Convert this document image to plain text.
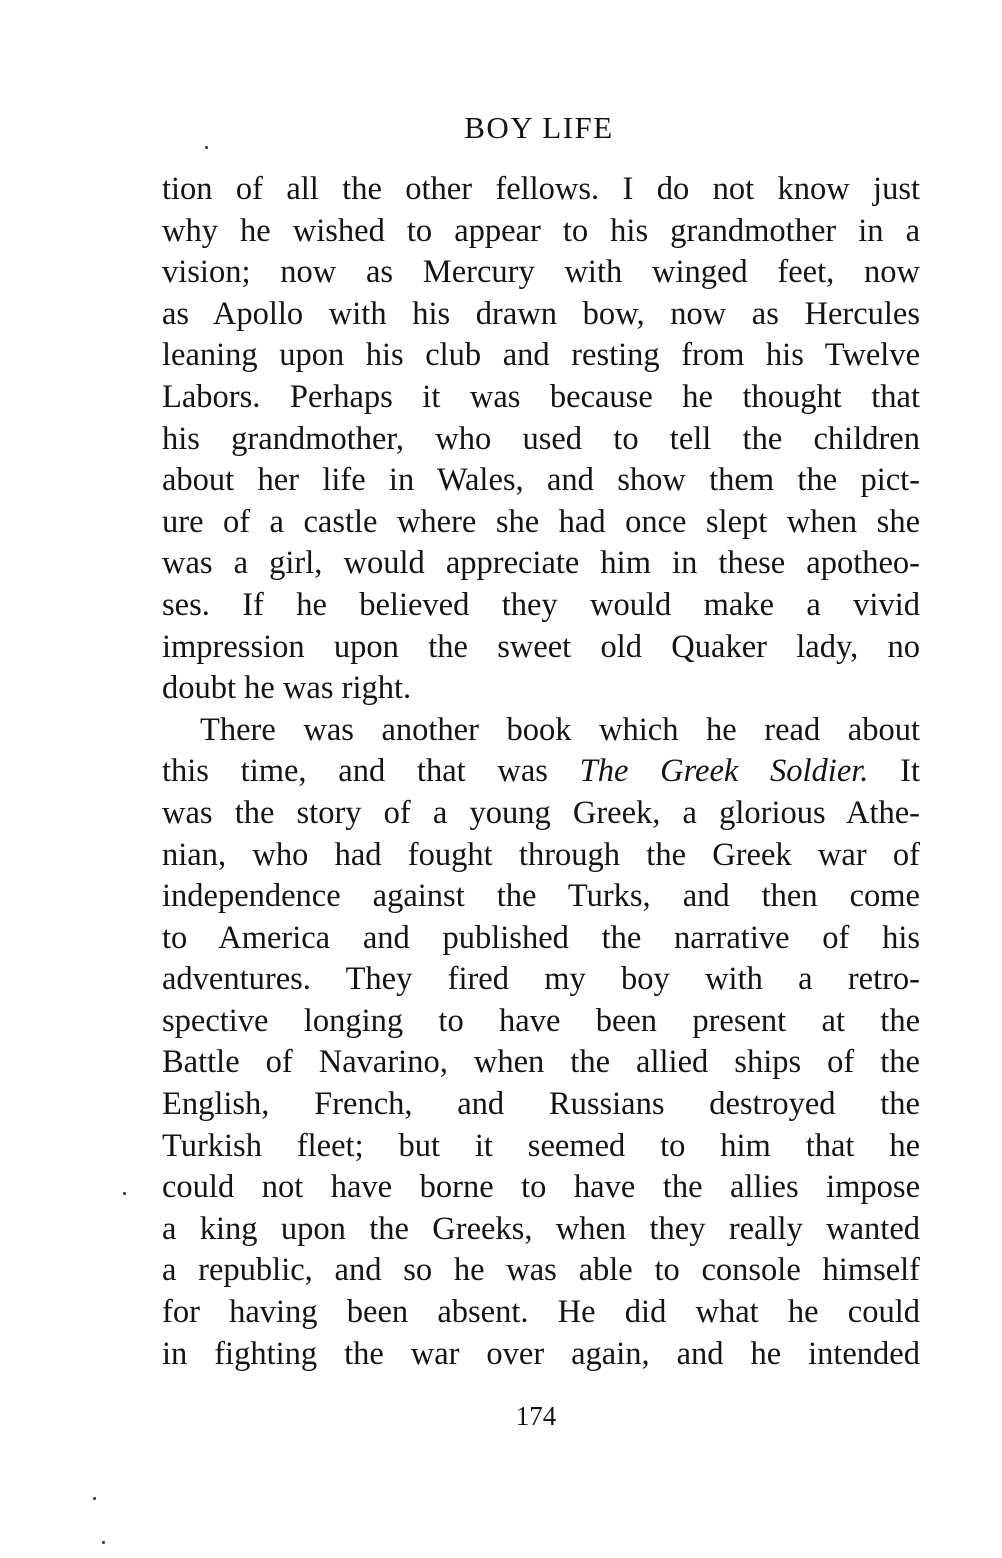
BOY LIFE
tion of all the other fellows. I do not know just
why he wished to appear to his grandmother in a
vision; now as Mercury with winged feet, now
as Apollo with his drawn bow, now as Hercules
leaning upon his club and resting from his Twelve
Labors. Perhaps it was because he thought that
his grandmother, who used to tell the children
about her life in Wales, and show them the pict-
ure of a castle where she had once slept when she
was a girl, would appreciate him in these apotheo-
ses. If he believed they would make a vivid
impression upon the sweet old Quaker lady, no
doubt he was right.
There was another book which he read about
this time, and that was The Greek Soldier. It
was the story of a young Greek, a glorious Athe-
nian, who had fought through the Greek war of
independence against the Turks, and then come
to America and published the narrative of his
adventures. They fired my boy with a retro-
spective longing to have been present at the
Battle of Navarino, when the allied ships of the
English, French, and Russians destroyed the
Turkish fleet; but it seemed to him that he
could not have borne to have the allies impose
a king upon the Greeks, when they really wanted
a republic, and so he was able to console himself
for having been absent. He did what he could
in fighting the war over again, and he intended
174
